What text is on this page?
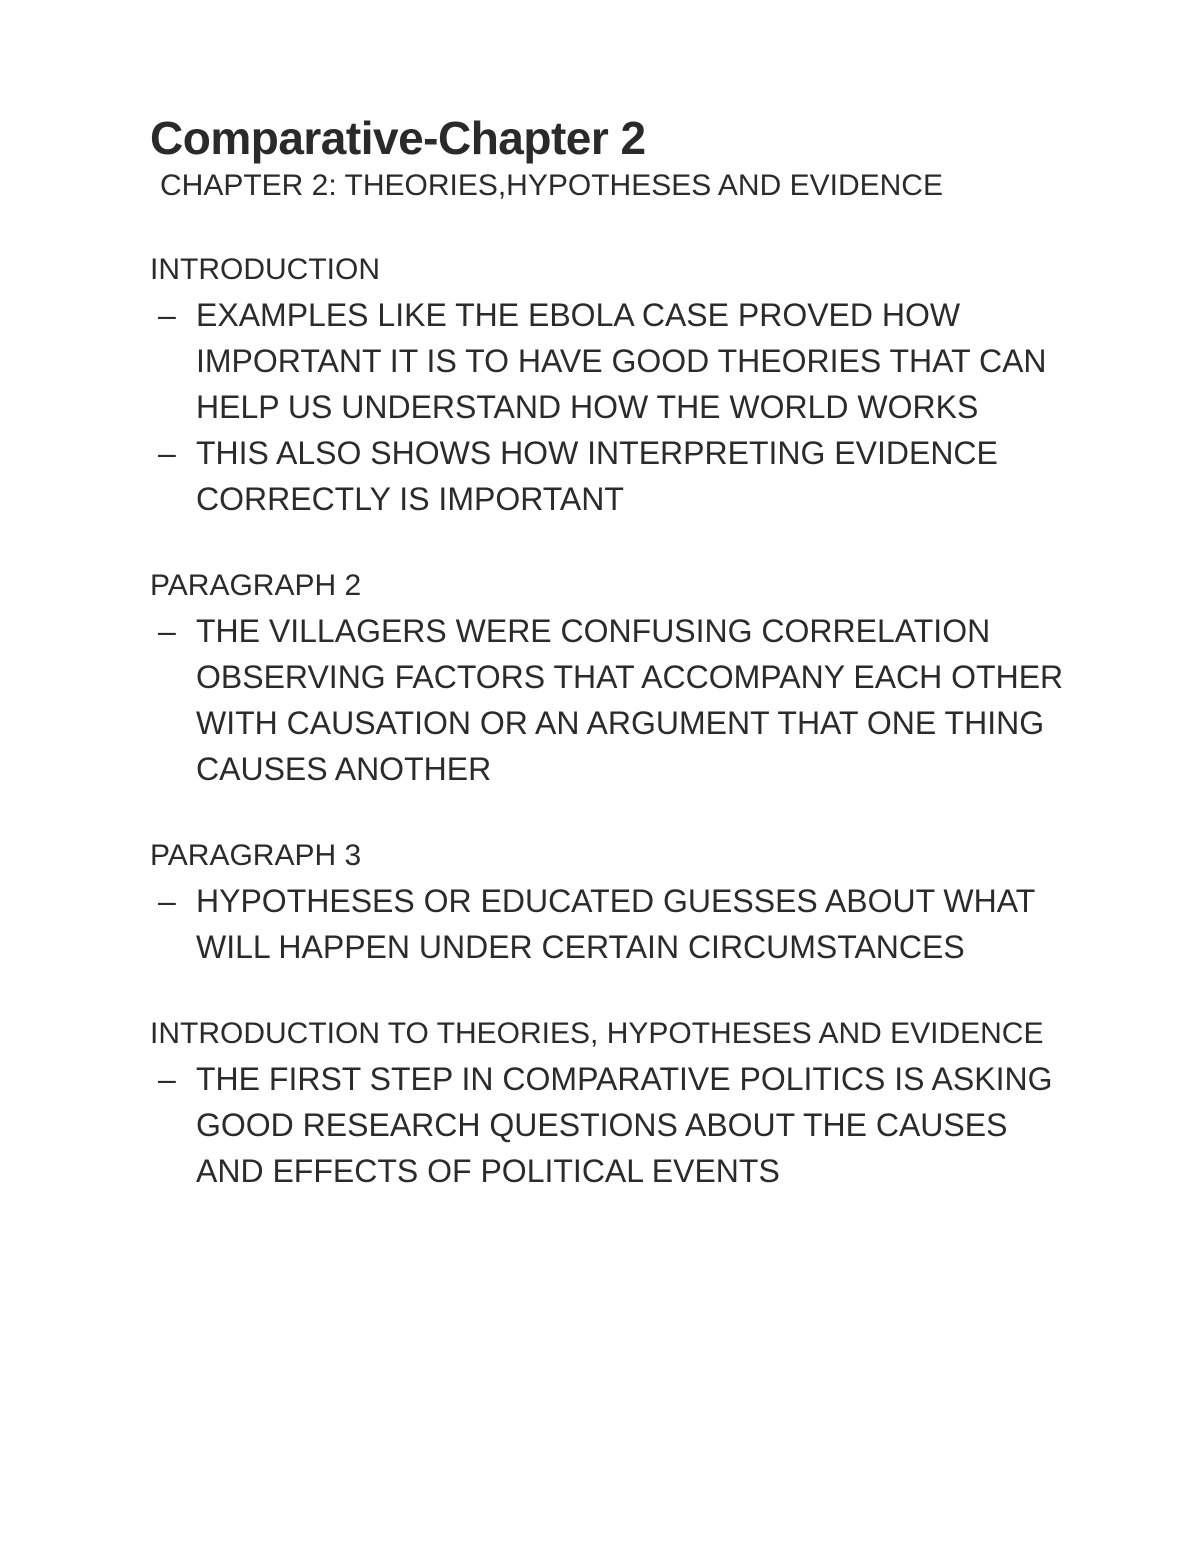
Comparative-Chapter 2
CHAPTER 2: THEORIES,HYPOTHESES AND EVIDENCE
INTRODUCTION
– EXAMPLES LIKE THE EBOLA CASE PROVED HOW IMPORTANT IT IS TO HAVE GOOD THEORIES THAT CAN HELP US UNDERSTAND HOW THE WORLD WORKS
– THIS ALSO SHOWS HOW INTERPRETING EVIDENCE CORRECTLY IS IMPORTANT
PARAGRAPH 2
– THE VILLAGERS WERE CONFUSING CORRELATION OBSERVING FACTORS THAT ACCOMPANY EACH OTHER WITH CAUSATION OR AN ARGUMENT THAT ONE THING CAUSES ANOTHER
PARAGRAPH 3
– HYPOTHESES OR EDUCATED GUESSES ABOUT WHAT WILL HAPPEN UNDER CERTAIN CIRCUMSTANCES
INTRODUCTION TO THEORIES, HYPOTHESES AND EVIDENCE
– THE FIRST STEP IN COMPARATIVE POLITICS IS ASKING GOOD RESEARCH QUESTIONS ABOUT THE CAUSES AND EFFECTS OF POLITICAL EVENTS
